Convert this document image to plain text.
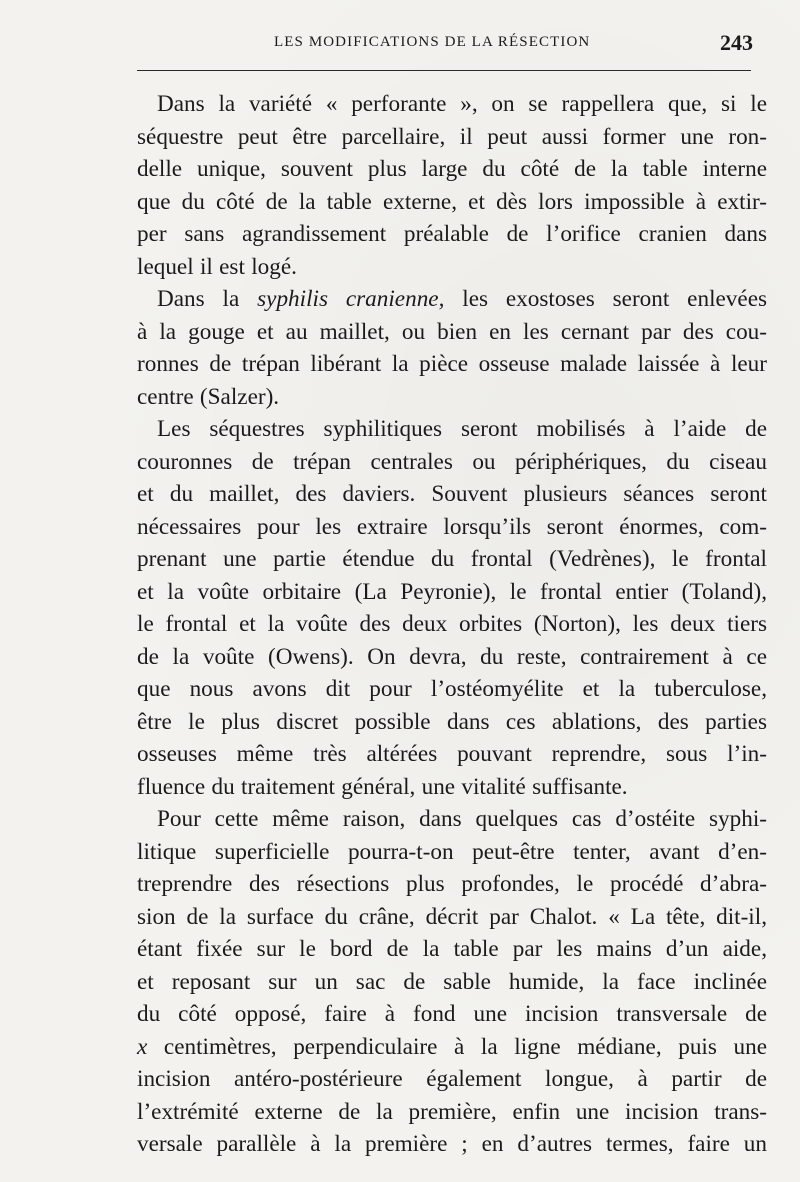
LES MODIFICATIONS DE LA RÉSECTION	243
Dans la variété « perforante », on se rappellera que, si le
séquestre peut être parcellaire, il peut aussi former une ron-
delle unique, souvent plus large du côté de la table interne
que du côté de la table externe, et dès lors impossible à extir-
per sans agrandissement préalable de l’orifice cranien dans
lequel il est logé.
Dans la syphilis cranienne, les exostoses seront enlevées
à la gouge et au maillet, ou bien en les cernant par des cou-
ronnes de trépan libérant la pièce osseuse malade laissée à leur
centre (Salzer).
Les séquestres syphilitiques seront mobilisés à l’aide de
couronnes de trépan centrales ou périphériques, du ciseau
et du maillet, des daviers. Souvent plusieurs séances seront
nécessaires pour les extraire lorsqu’ils seront énormes, com-
prenant une partie étendue du frontal (Vedrènes), le frontal
et la voûte orbitaire (La Peyronie), le frontal entier (Toland),
le frontal et la voûte des deux orbites (Norton), les deux tiers
de la voûte (Owens). On devra, du reste, contrairement à ce
que nous avons dit pour l’ostéomyélite et la tuberculose,
être le plus discret possible dans ces ablations, des parties
osseuses même très altérées pouvant reprendre, sous l’in-
fluence du traitement général, une vitalité suffisante.
Pour cette même raison, dans quelques cas d’ostéite syphi-
litique superficielle pourra-t-on peut-être tenter, avant d’en-
treprendre des résections plus profondes, le procédé d’abra-
sion de la surface du crâne, décrit par Chalot. « La tête, dit-il,
étant fixée sur le bord de la table par les mains d’un aide,
et reposant sur un sac de sable humide, la face inclinée
du côté opposé, faire à fond une incision transversale de
x centimètres, perpendiculaire à la ligne médiane, puis une
incision antéro-postérieure également longue, à partir de
l’extrémité externe de la première, enfin une incision trans-
versale parallèle à la première ; en d’autres termes, faire un
